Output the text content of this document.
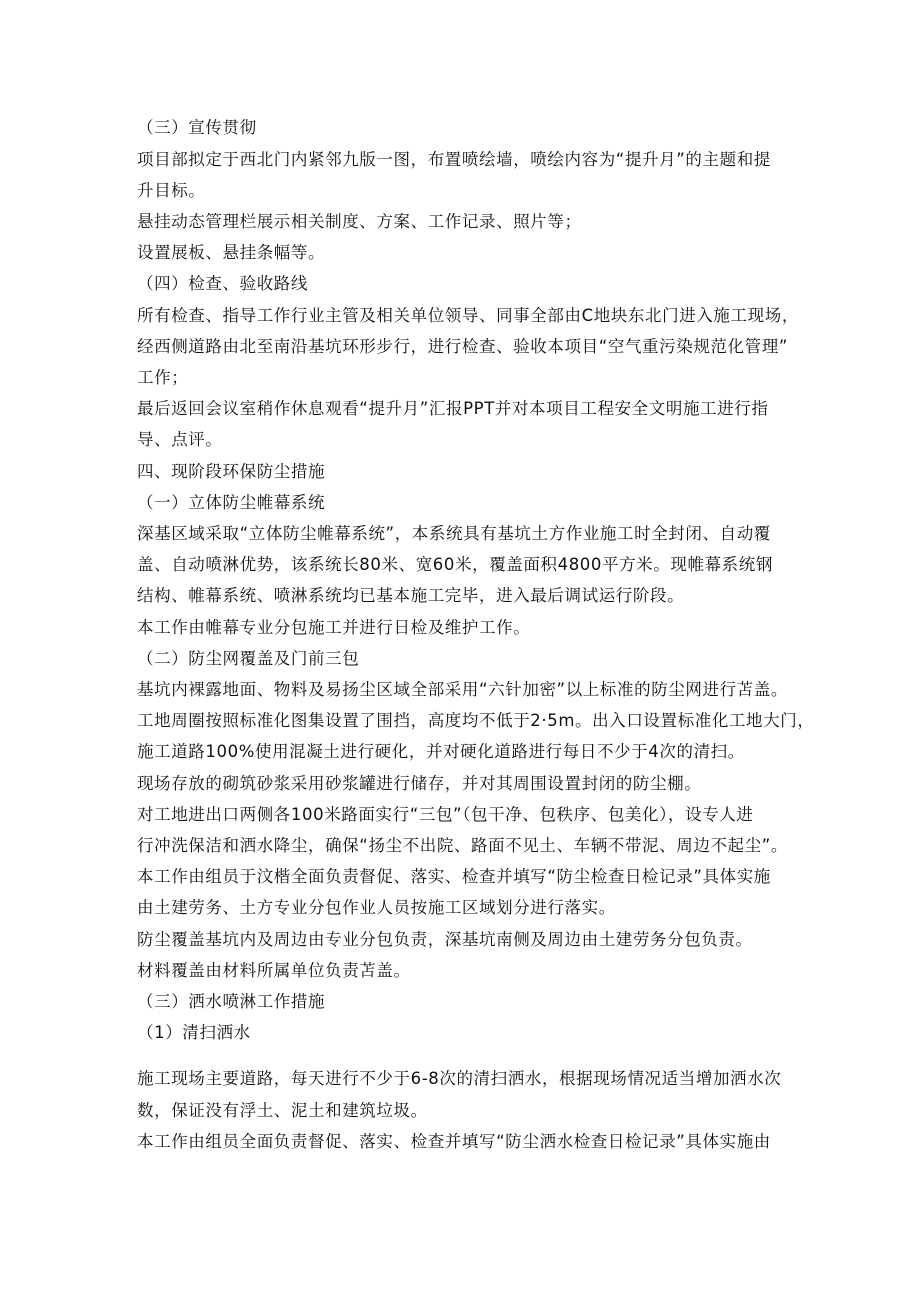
（三）宣传贯彻
项目部拟定于西北门内紧邻九版一图，布置喷绘墙，喷绘内容为“提升月”的主题和提
升目标。
悬挂动态管理栏展示相关制度、方案、工作记录、照片等；
设置展板、悬挂条幅等。
（四）检查、验收路线
所有检查、指导工作行业主管及相关单位领导、同事全部由C地块东北门进入施工现场，
经西侧道路由北至南沿基坑环形步行，进行检查、验收本项目“空气重污染规范化管理”
工作；
最后返回会议室稍作休息观看“提升月”汇报PPT并对本项目工程安全文明施工进行指
导、点评。
四、现阶段环保防尘措施
（一）立体防尘帷幕系统
深基区域采取“立体防尘帷幕系统”，本系统具有基坑土方作业施工时全封闭、自动覆
盖、自动喷淋优势，该系统长80米、宽60米，覆盖面积4800平方米。现帷幕系统钢
结构、帷幕系统、喷淋系统均已基本施工完毕，进入最后调试运行阶段。
本工作由帷幕专业分包施工并进行日检及维护工作。
（二）防尘网覆盖及门前三包
基坑内裸露地面、物料及易扬尘区域全部采用“六针加密”以上标准的防尘网进行苫盖。
工地周圈按照标准化图集设置了围挡，高度均不低于2·5m。出入口设置标准化工地大门，
施工道路100%使用混凝土进行硬化，并对硬化道路进行每日不少于4次的清扫。
现场存放的砌筑砂浆采用砂浆罐进行储存，并对其周围设置封闭的防尘棚。
对工地进出口两侧各100米路面实行“三包”（包干净、包秩序、包美化），设专人进
行冲洗保洁和洒水降尘，确保“扬尘不出院、路面不见土、车辆不带泥、周边不起尘”。
本工作由组员于汶楷全面负责督促、落实、检查并填写“防尘检查日检记录”具体实施
由土建劳务、土方专业分包作业人员按施工区域划分进行落实。
防尘覆盖基坑内及周边由专业分包负责，深基坑南侧及周边由土建劳务分包负责。
材料覆盖由材料所属单位负责苫盖。
（三）洒水喷淋工作措施
（1）清扫洒水
施工现场主要道路，每天进行不少于6-8次的清扫洒水，根据现场情况适当增加洒水次
数，保证没有浮土、泥土和建筑垃圾。
本工作由组员全面负责督促、落实、检查并填写“防尘洒水检查日检记录”具体实施由
